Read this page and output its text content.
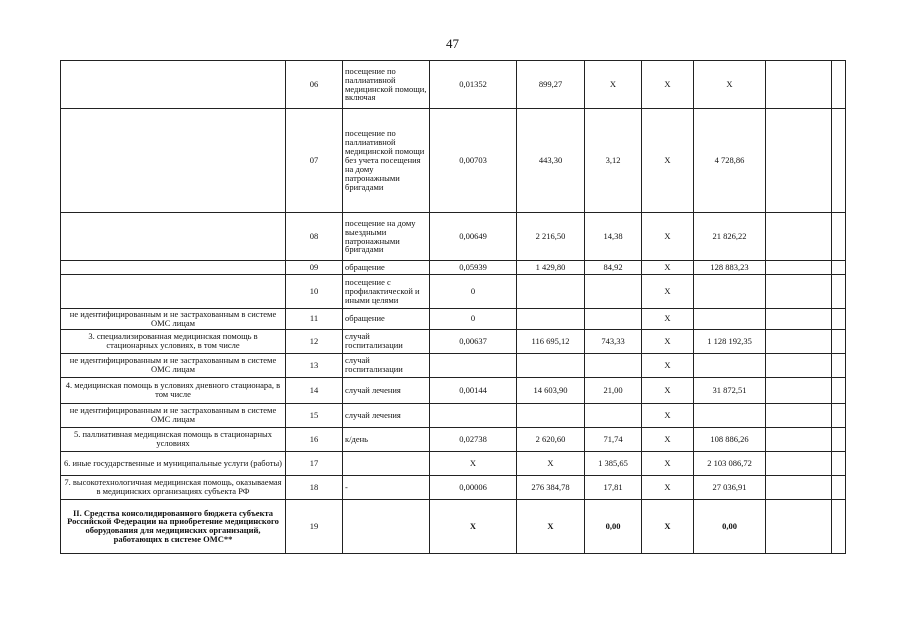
47
	06	посещение по паллиативной медицинской помощи, включая	0,01352	899,27	Х	Х	Х		
	07	посещение по паллиативной медицинской помощи без учета посещения на дому патронажными бригадами	0,00703	443,30	3,12	Х	4 728,86		
	08	посещение на дому выездными патронажными бригадами	0,00649	2 216,50	14,38	Х	21 826,22		
	09	обращение	0,05939	1 429,80	84,92	Х	128 883,23		
	10	посещение с профилактической и иными целями	0			Х			
не идентифицированным и не застрахованным в системе ОМС лицам	11	обращение	0			Х			
3. специализированная медицинская помощь в стационарных условиях, в том числе	12	случай госпитализации	0,00637	116 695,12	743,33	Х	1 128 192,35		
не идентифицированным и не застрахованным в системе ОМС лицам	13	случай госпитализации				Х			
4. медицинская помощь в условиях дневного стационара, в том числе	14	случай лечения	0,00144	14 603,90	21,00	Х	31 872,51		
не идентифицированным и не застрахованным в системе ОМС лицам	15	случай лечения				Х			
5. паллиативная медицинская помощь в стационарных условиях	16	к/день	0,02738	2 620,60	71,74	Х	108 886,26		
6. иные государственные и муниципальные услуги (работы)	17		Х	Х	1 385,65	Х	2 103 086,72		
7. высокотехнологичная медицинская помощь, оказываемая в медицинских организациях субъекта РФ	18	-	0,00006	276 384,78	17,81	Х	27 036,91		
II. Средства консолидированного бюджета субъекта Российской Федерации на приобретение медицинского оборудования для медицинских организаций, работающих в системе ОМС**	19		Х	Х	0,00	Х	0,00		
